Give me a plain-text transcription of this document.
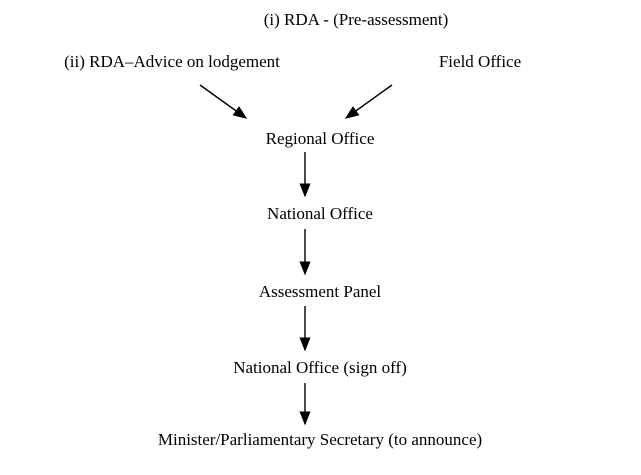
(i) RDA - (Pre-assessment)
(ii) RDA–Advice on lodgement	Field Office
Regional Office
National Office
Assessment Panel
National Office (sign off)
Minister/Parliamentary Secretary (to announce)
